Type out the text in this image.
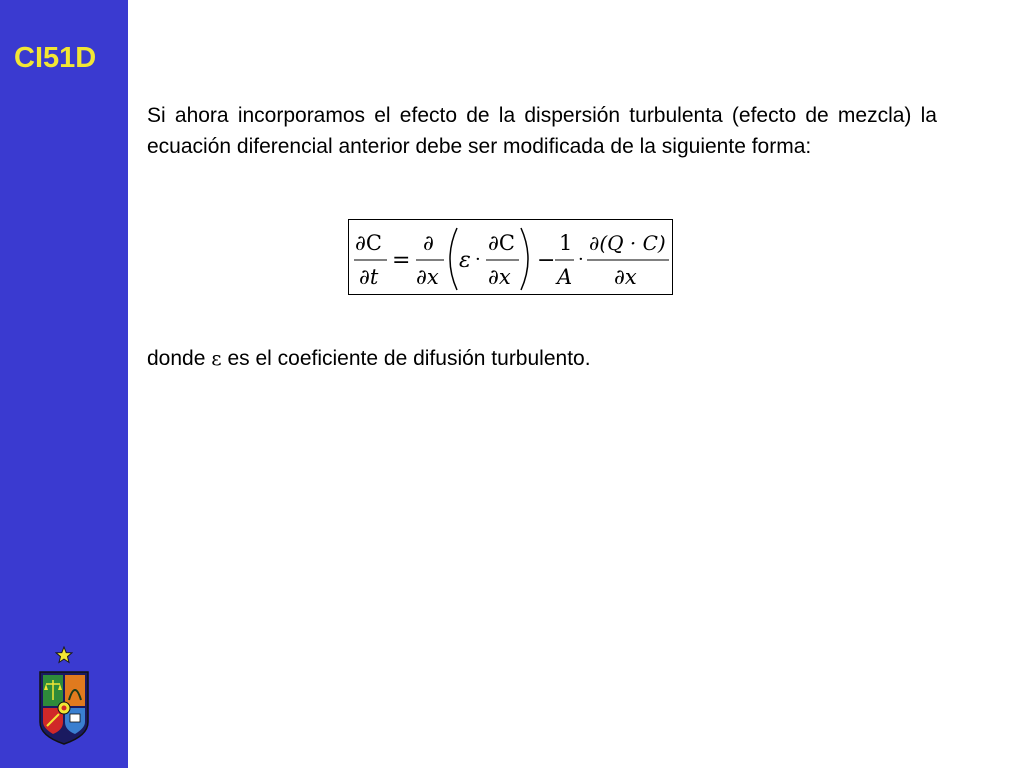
CI51D
Si ahora incorporamos el efecto de la dispersión turbulenta (efecto de mezcla) la ecuación diferencial anterior debe ser modificada de la siguiente forma:
∂C
∂t
=
∂
∂x
ε ·
∂C
∂x
−
1
A
·
∂(Q · C)
∂x
donde ε es el coeficiente de difusión turbulento.
